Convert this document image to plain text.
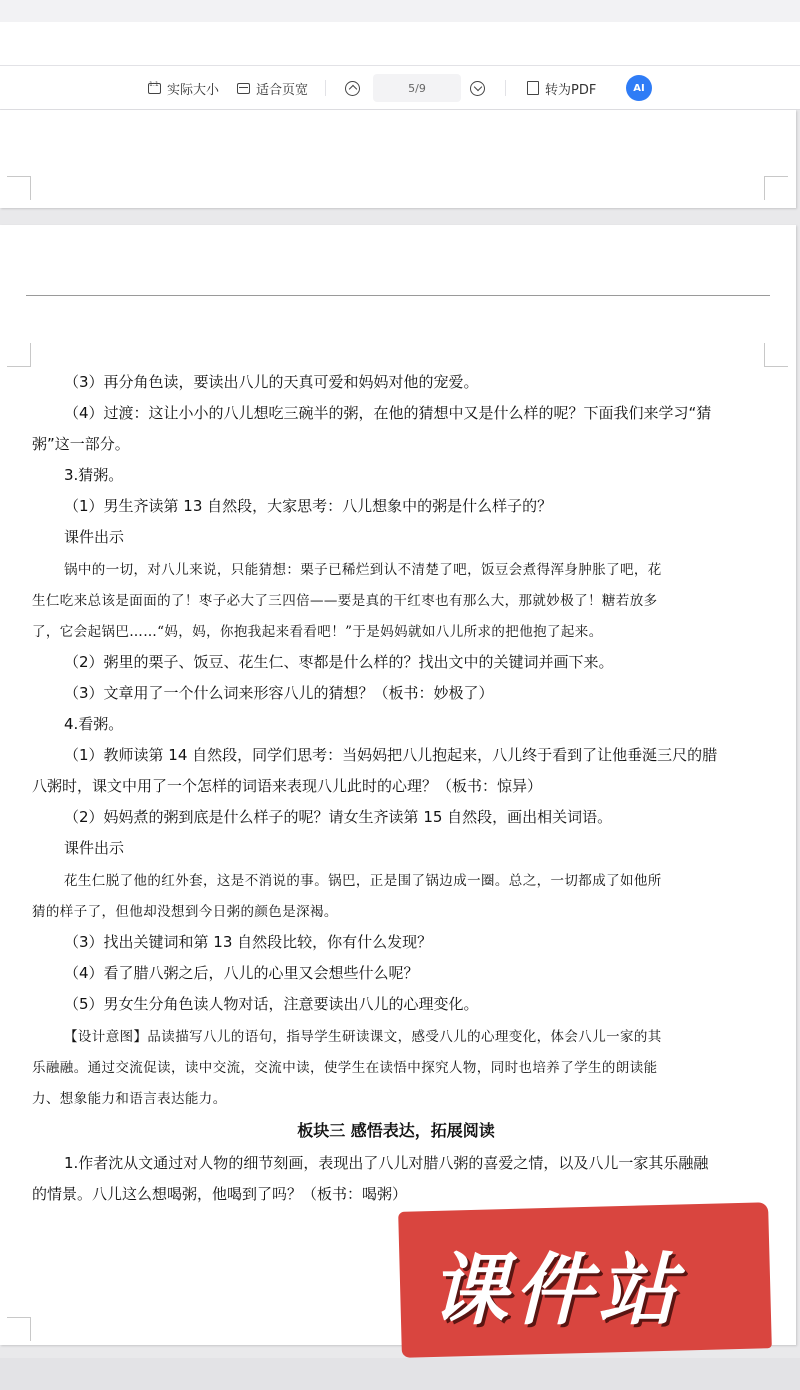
1:1
实际大小	适合页宽	5/9	转为PDF	AI
（3）再分角色读，要读出八儿的天真可爱和妈妈对他的宠爱。
（4）过渡：这让小小的八儿想吃三碗半的粥，在他的猜想中又是什么样的呢？下面我们来学习“猜
粥”这一部分。
3.猜粥。
（1）男生齐读第 13 自然段，大家思考：八儿想象中的粥是什么样子的？
课件出示
锅中的一切，对八儿来说，只能猜想：栗子已稀烂到认不清楚了吧，饭豆会煮得浑身肿胀了吧，花
生仁吃来总该是面面的了！枣子必大了三四倍——要是真的干红枣也有那么大，那就妙极了！糖若放多
了，它会起锅巴……“妈，妈，你抱我起来看看吧！”于是妈妈就如八儿所求的把他抱了起来。
（2）粥里的栗子、饭豆、花生仁、枣都是什么样的？找出文中的关键词并画下来。
（3）文章用了一个什么词来形容八儿的猜想？（板书：妙极了）
4.看粥。
（1）教师读第 14 自然段，同学们思考：当妈妈把八儿抱起来，八儿终于看到了让他垂涎三尺的腊
八粥时，课文中用了一个怎样的词语来表现八儿此时的心理？（板书：惊异）
（2）妈妈煮的粥到底是什么样子的呢？请女生齐读第 15 自然段，画出相关词语。
课件出示
花生仁脱了他的红外套，这是不消说的事。锅巴，正是围了锅边成一圈。总之，一切都成了如他所
猜的样子了，但他却没想到今日粥的颜色是深褐。
（3）找出关键词和第 13 自然段比较，你有什么发现？
（4）看了腊八粥之后，八儿的心里又会想些什么呢？
（5）男女生分角色读人物对话，注意要读出八儿的心理变化。
【设计意图】品读描写八儿的语句，指导学生研读课文，感受八儿的心理变化，体会八儿一家的其
乐融融。通过交流促读，读中交流，交流中读，使学生在读悟中探究人物，同时也培养了学生的朗读能
力、想象能力和语言表达能力。
板块三 感悟表达，拓展阅读
1.作者沈从文通过对人物的细节刻画，表现出了八儿对腊八粥的喜爱之情，以及八儿一家其乐融融
的情景。八儿这么想喝粥，他喝到了吗？（板书：喝粥）
课件站
